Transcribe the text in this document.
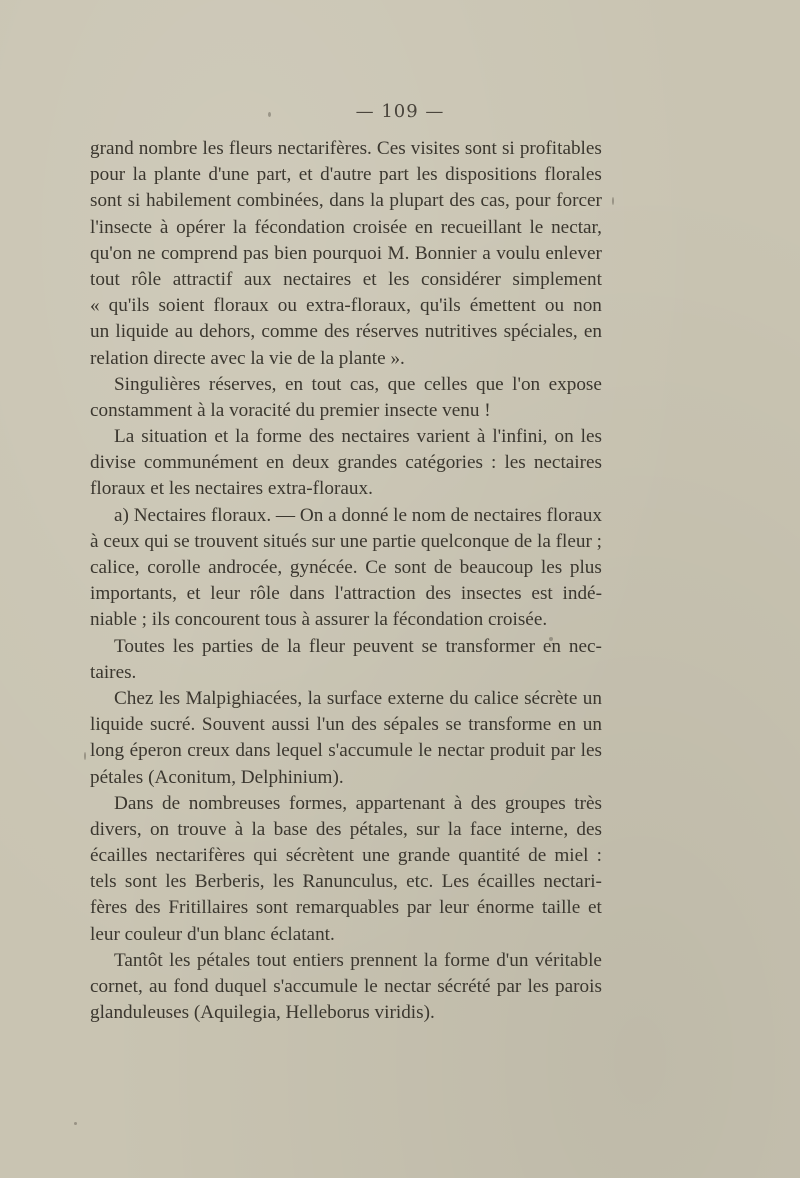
— 109 —
grand nombre les fleurs nectarifères. Ces visites sont si profitables
pour la plante d'une part, et d'autre part les dispositions florales
sont si habilement combinées, dans la plupart des cas, pour forcer
l'insecte à opérer la fécondation croisée en recueillant le nectar,
qu'on ne comprend pas bien pourquoi M. Bonnier a voulu enlever
tout rôle attractif aux nectaires et les considérer simplement
« qu'ils soient floraux ou extra-floraux, qu'ils émettent ou non
un liquide au dehors, comme des réserves nutritives spéciales, en
relation directe avec la vie de la plante ».
Singulières réserves, en tout cas, que celles que l'on expose
constamment à la voracité du premier insecte venu !
La situation et la forme des nectaires varient à l'infini, on les
divise communément en deux grandes catégories : les nectaires
floraux et les nectaires extra-floraux.
a) Nectaires floraux. — On a donné le nom de nectaires floraux
à ceux qui se trouvent situés sur une partie quelconque de la fleur ;
calice, corolle androcée, gynécée. Ce sont de beaucoup les plus
importants, et leur rôle dans l'attraction des insectes est indé-
niable ; ils concourent tous à assurer la fécondation croisée.
Toutes les parties de la fleur peuvent se transformer en nec-
taires.
Chez les Malpighiacées, la surface externe du calice sécrète un
liquide sucré. Souvent aussi l'un des sépales se transforme en un
long éperon creux dans lequel s'accumule le nectar produit par les
pétales (Aconitum, Delphinium).
Dans de nombreuses formes, appartenant à des groupes très
divers, on trouve à la base des pétales, sur la face interne, des
écailles nectarifères qui sécrètent une grande quantité de miel :
tels sont les Berberis, les Ranunculus, etc. Les écailles nectari-
fères des Fritillaires sont remarquables par leur énorme taille et
leur couleur d'un blanc éclatant.
Tantôt les pétales tout entiers prennent la forme d'un véritable
cornet, au fond duquel s'accumule le nectar sécrété par les parois
glanduleuses (Aquilegia, Helleborus viridis).
